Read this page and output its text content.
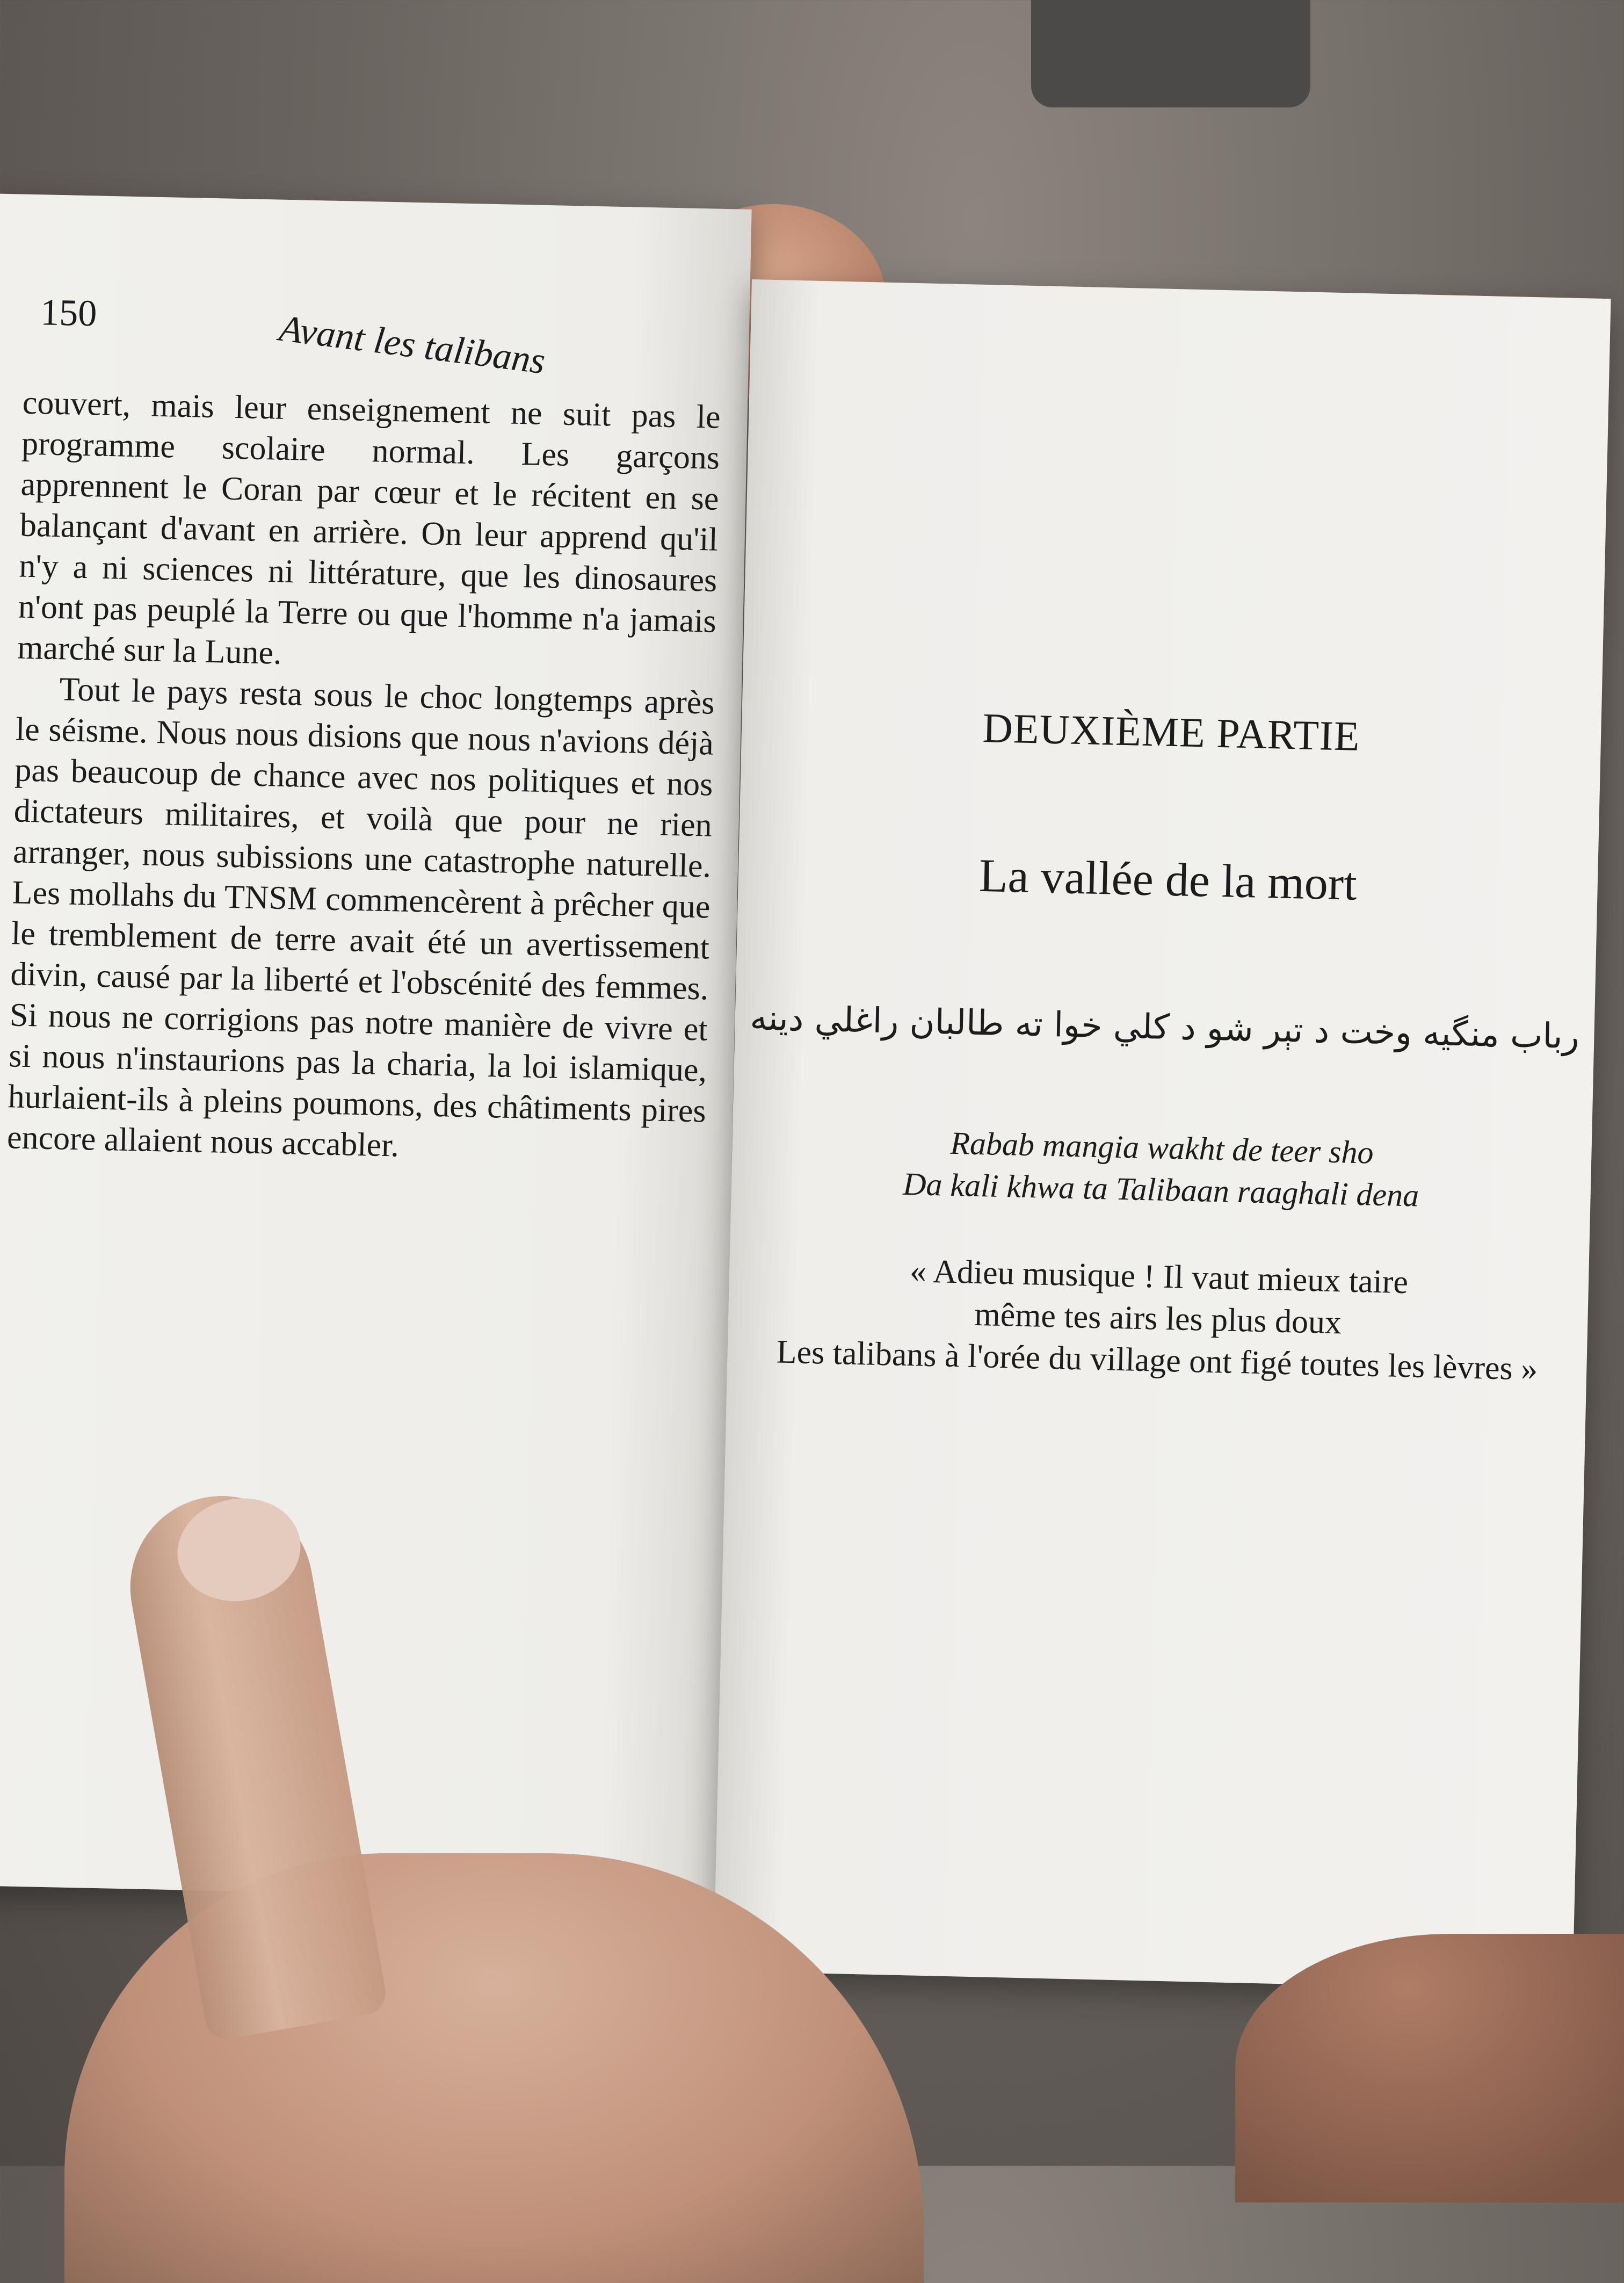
150	Avant les talibans

couvert, mais leur enseignement ne suit pas le programme scolaire normal. Les garçons apprennent le Coran par cœur et le récitent en se balançant d'avant en arrière. On leur apprend qu'il n'y a ni sciences ni littérature, que les dinosaures n'ont pas peuplé la Terre ou que l'homme n'a jamais marché sur la Lune.

Tout le pays resta sous le choc longtemps après le séisme. Nous nous disions que nous n'avions déjà pas beaucoup de chance avec nos politiques et nos dictateurs militaires, et voilà que pour ne rien arranger, nous subissions une catastrophe naturelle. Les mollahs du TNSM commencèrent à prêcher que le tremblement de terre avait été un avertissement divin, causé par la liberté et l'obscénité des femmes. Si nous ne corrigions pas notre manière de vivre et si nous n'instaurions pas la charia, la loi islamique, hurlaient-ils à pleins poumons, des châtiments pires encore allaient nous accabler.

DEUXIÈME PARTIE
La vallée de la mort
رباب منگیه وخت د تېر شو د کلي خوا ته طالبان راغلي دينه
Rabab mangia wakht de teer sho
Da kali khwa ta Talibaan raaghali dena
« Adieu musique ! Il vaut mieux taire
même tes airs les plus doux
Les talibans à l'orée du village ont figé toutes les lèvres »
